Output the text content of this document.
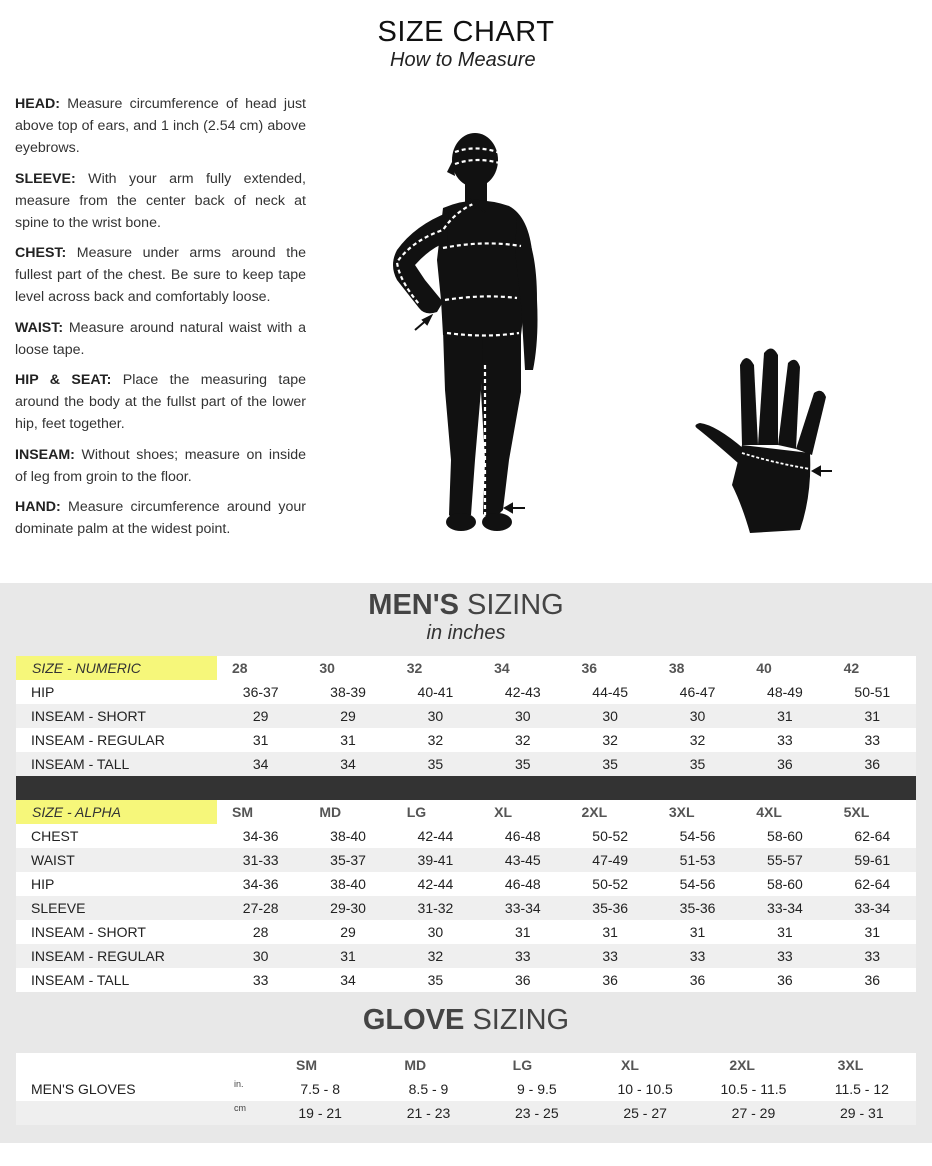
SIZE CHART
How to Measure

HEAD: Measure circumference of head just above top of ears, and 1 inch (2.54 cm) above eyebrows.

SLEEVE: With your arm fully extended, measure from the center back of neck at spine to the wrist bone.

CHEST: Measure under arms around the fullest part of the chest. Be sure to keep tape level across back and comfortably loose.

WAIST: Measure around natural waist with a loose tape.

HIP & SEAT: Place the measuring tape around the body at the fullst part of the lower hip, feet together.

INSEAM: Without shoes; measure on inside of leg from groin to the floor.

HAND: Measure circumference around your dominate palm at the widest point.

MEN'S SIZING
in inches
SIZE - NUMERIC	28	30	32	34	36	38	40	42
HIP	36-37	38-39	40-41	42-43	44-45	46-47	48-49	50-51
INSEAM - SHORT	29	29	30	30	30	30	31	31
INSEAM - REGULAR	31	31	32	32	32	32	33	33
INSEAM - TALL	34	34	35	35	35	35	36	36
SIZE - ALPHA	SM	MD	LG	XL	2XL	3XL	4XL	5XL
CHEST	34-36	38-40	42-44	46-48	50-52	54-56	58-60	62-64
WAIST	31-33	35-37	39-41	43-45	47-49	51-53	55-57	59-61
HIP	34-36	38-40	42-44	46-48	50-52	54-56	58-60	62-64
SLEEVE	27-28	29-30	31-32	33-34	35-36	35-36	33-34	33-34
INSEAM - SHORT	28	29	30	31	31	31	31	31
INSEAM - REGULAR	30	31	32	33	33	33	33	33
INSEAM - TALL	33	34	35	36	36	36	36	36
GLOVE SIZING
		SM	MD	LG	XL	2XL	3XL
MEN'S GLOVES	in.	7.5 - 8	8.5 - 9	9 - 9.5	10 - 10.5	10.5 - 11.5	11.5 - 12
	cm	19 - 21	21 - 23	23 - 25	25 - 27	27 - 29	29 - 31
